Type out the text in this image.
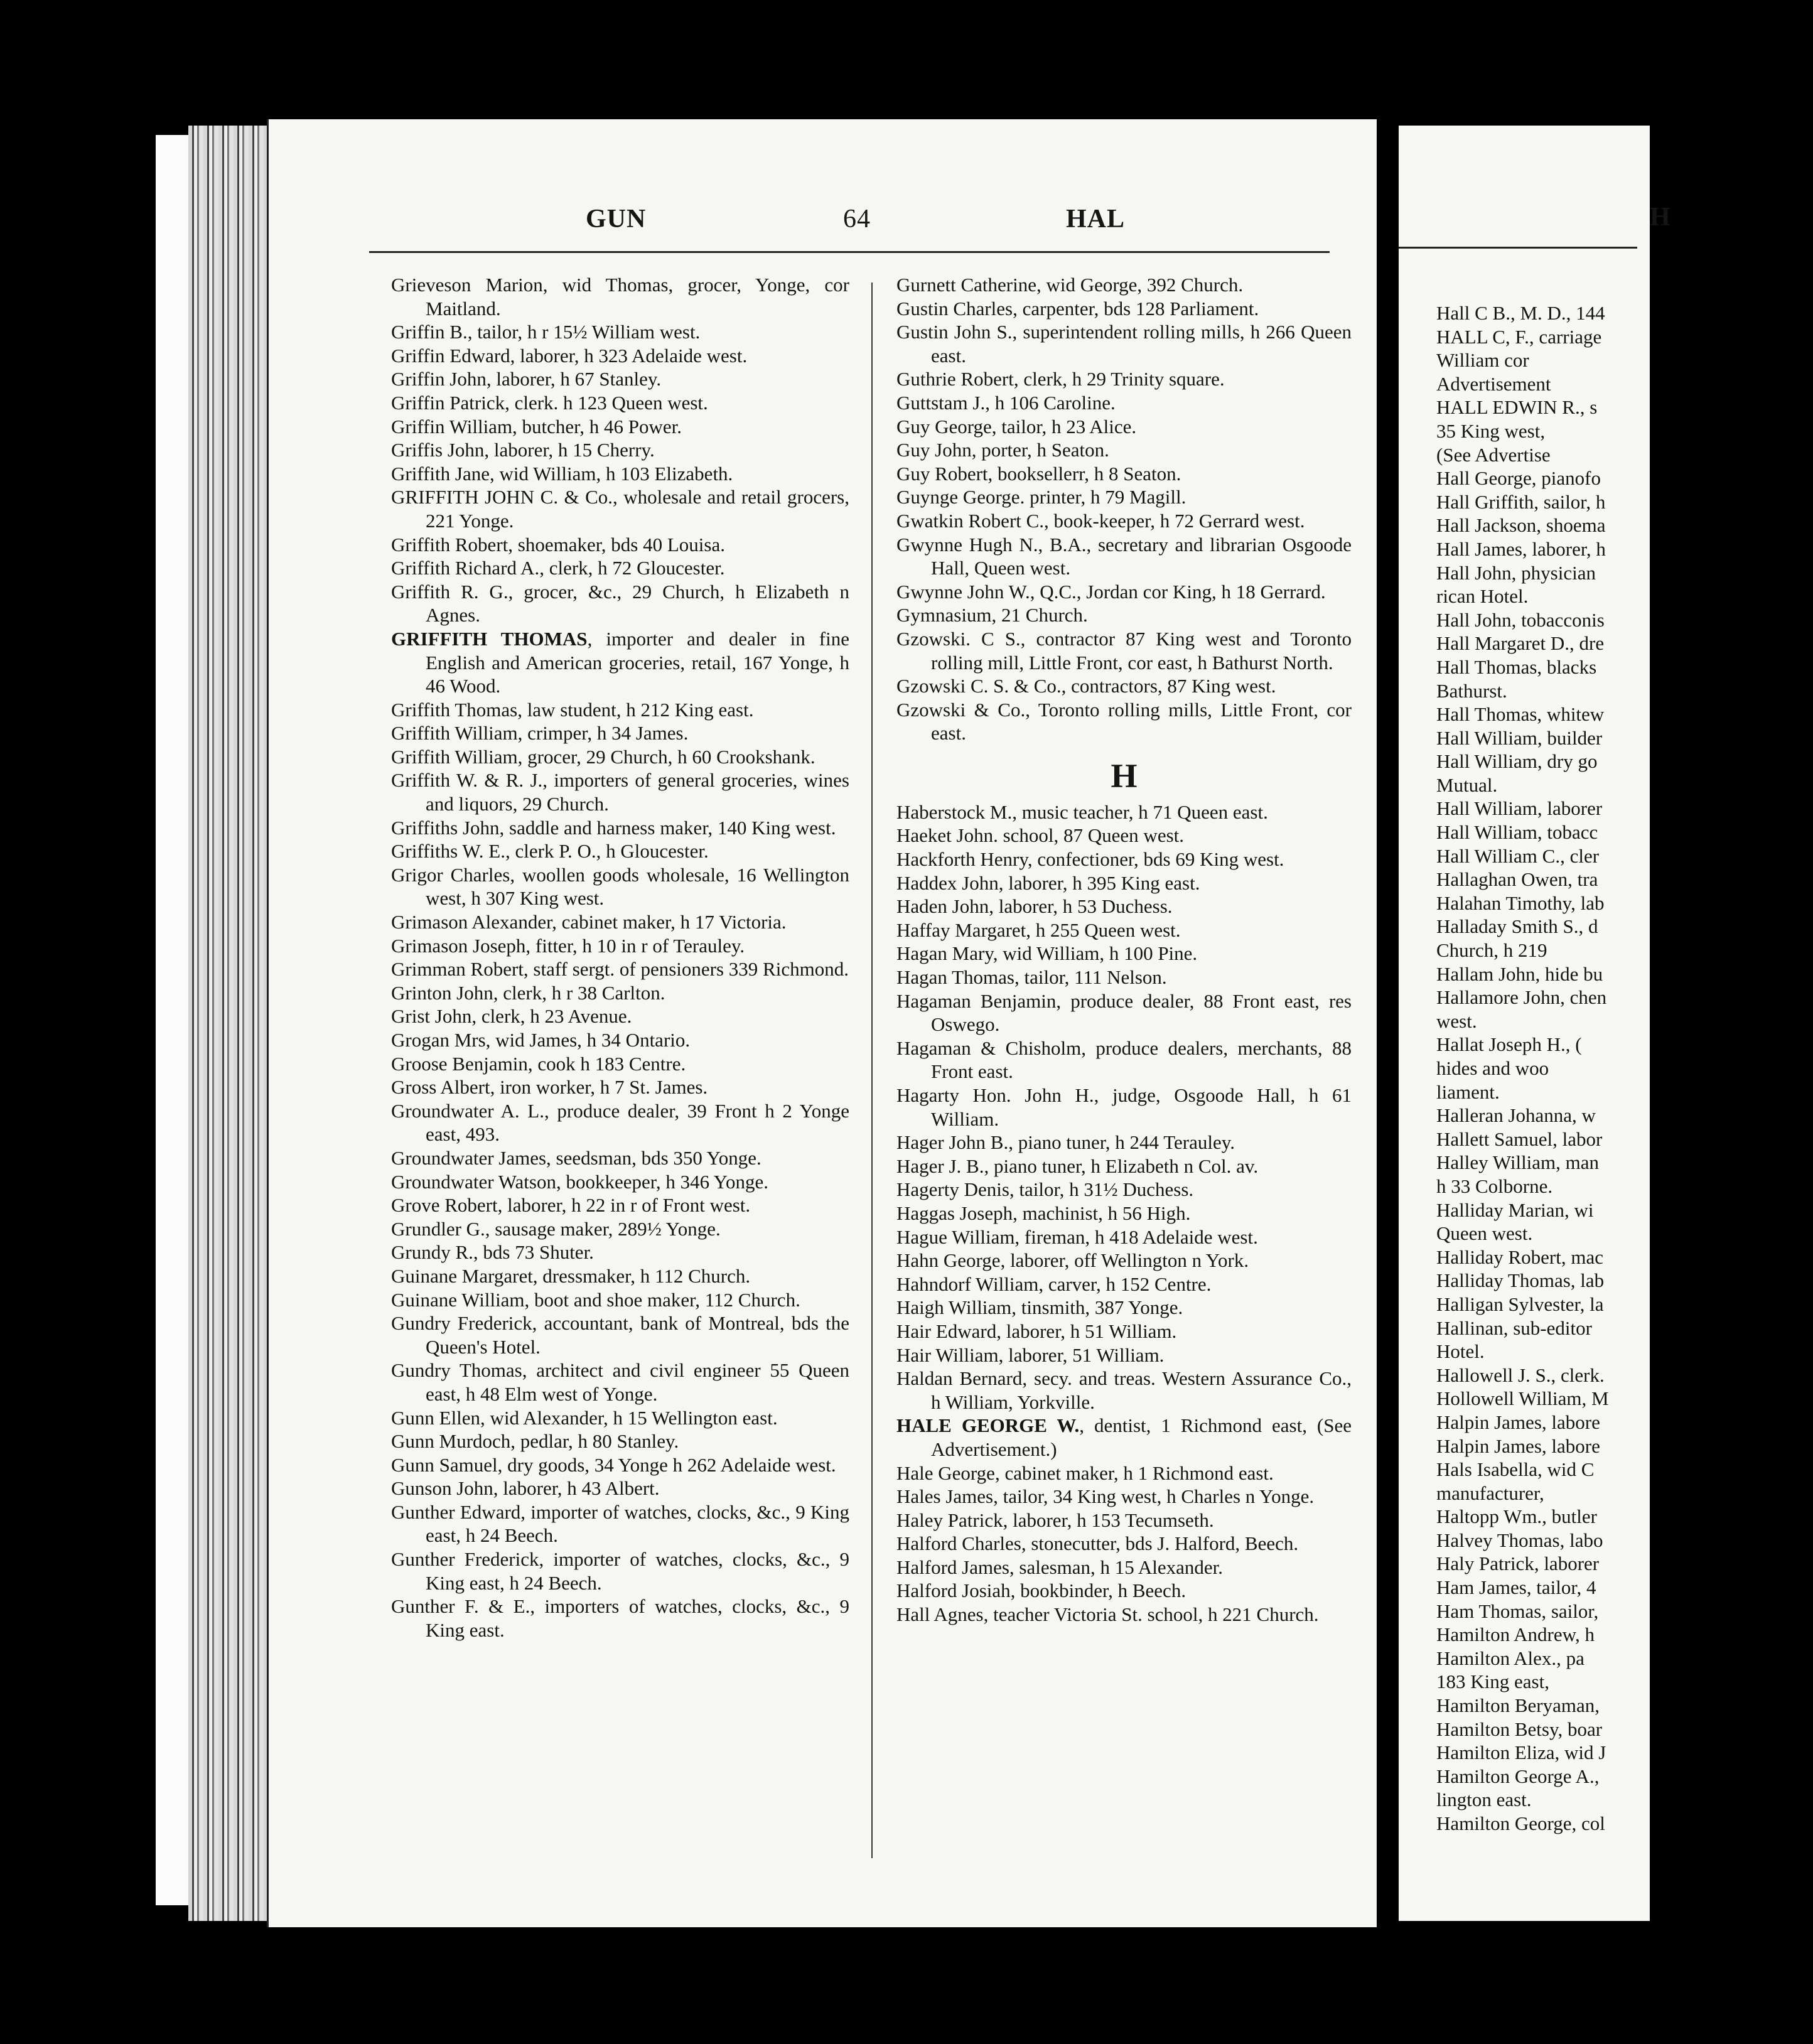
GUN	64	HAL

Grieveson Marion, wid Thomas, grocer, Yonge, cor Maitland.

Griffin B., tailor, h r 15½ William west.

Griffin Edward, laborer, h 323 Adelaide west.

Griffin John, laborer, h 67 Stanley.

Griffin Patrick, clerk. h 123 Queen west.

Griffin William, butcher, h 46 Power.

Griffis John, laborer, h 15 Cherry.

Griffith Jane, wid William, h 103 Elizabeth.

GRIFFITH JOHN C. & Co., wholesale and retail grocers, 221 Yonge.

Griffith Robert, shoemaker, bds 40 Louisa.

Griffith Richard A., clerk, h 72 Gloucester.

Griffith R. G., grocer, &c., 29 Church, h Elizabeth n Agnes.

GRIFFITH THOMAS, importer and dealer in fine English and American groceries, retail, 167 Yonge, h 46 Wood.

Griffith Thomas, law student, h 212 King east.

Griffith William, crimper, h 34 James.

Griffith William, grocer, 29 Church, h 60 Crookshank.

Griffith W. & R. J., importers of general groceries, wines and liquors, 29 Church.

Griffiths John, saddle and harness maker, 140 King west.

Griffiths W. E., clerk P. O., h Gloucester.

Grigor Charles, woollen goods wholesale, 16 Wellington west, h 307 King west.

Grimason Alexander, cabinet maker, h 17 Victoria.

Grimason Joseph, fitter, h 10 in r of Terauley.

Grimman Robert, staff sergt. of pensioners 339 Richmond.

Grinton John, clerk, h r 38 Carlton.

Grist John, clerk, h 23 Avenue.

Grogan Mrs, wid James, h 34 Ontario.

Groose Benjamin, cook h 183 Centre.

Gross Albert, iron worker, h 7 St. James.

Groundwater A. L., produce dealer, 39 Front h 2 Yonge east, 493.

Groundwater James, seedsman, bds 350 Yonge.

Groundwater Watson, bookkeeper, h 346 Yonge.

Grove Robert, laborer, h 22 in r of Front west.

Grundler G., sausage maker, 289½ Yonge.

Grundy R., bds 73 Shuter.

Guinane Margaret, dressmaker, h 112 Church.

Guinane William, boot and shoe maker, 112 Church.

Gundry Frederick, accountant, bank of Montreal, bds the Queen's Hotel.

Gundry Thomas, architect and civil engineer 55 Queen east, h 48 Elm west of Yonge.

Gunn Ellen, wid Alexander, h 15 Wellington east.

Gunn Murdoch, pedlar, h 80 Stanley.

Gunn Samuel, dry goods, 34 Yonge h 262 Adelaide west.

Gunson John, laborer, h 43 Albert.

Gunther Edward, importer of watches, clocks, &c., 9 King east, h 24 Beech.

Gunther Frederick, importer of watches, clocks, &c., 9 King east, h 24 Beech.

Gunther F. & E., importers of watches, clocks, &c., 9 King east.

Gurnett Catherine, wid George, 392 Church.

Gustin Charles, carpenter, bds 128 Parliament.

Gustin John S., superintendent rolling mills, h 266 Queen east.

Guthrie Robert, clerk, h 29 Trinity square.

Guttstam J., h 106 Caroline.

Guy George, tailor, h 23 Alice.

Guy John, porter, h Seaton.

Guy Robert, booksellerr, h 8 Seaton.

Guynge George. printer, h 79 Magill.

Gwatkin Robert C., book-keeper, h 72 Gerrard west.

Gwynne Hugh N., B.A., secretary and librarian Osgoode Hall, Queen west.

Gwynne John W., Q.C., Jordan cor King, h 18 Gerrard.

Gymnasium, 21 Church.

Gzowski. C S., contractor 87 King west and Toronto rolling mill, Little Front, cor east, h Bathurst North.

Gzowski C. S. & Co., contractors, 87 King west.

Gzowski & Co., Toronto rolling mills, Little Front, cor east.

H

Haberstock M., music teacher, h 71 Queen east.

Haeket John. school, 87 Queen west.

Hackforth Henry, confectioner, bds 69 King west.

Haddex John, laborer, h 395 King east.

Haden John, laborer, h 53 Duchess.

Haffay Margaret, h 255 Queen west.

Hagan Mary, wid William, h 100 Pine.

Hagan Thomas, tailor, 111 Nelson.

Hagaman Benjamin, produce dealer, 88 Front east, res Oswego.

Hagaman & Chisholm, produce dealers, merchants, 88 Front east.

Hagarty Hon. John H., judge, Osgoode Hall, h 61 William.

Hager John B., piano tuner, h 244 Terauley.

Hager J. B., piano tuner, h Elizabeth n Col. av.

Hagerty Denis, tailor, h 31½ Duchess.

Haggas Joseph, machinist, h 56 High.

Hague William, fireman, h 418 Adelaide west.

Hahn George, laborer, off Wellington n York.

Hahndorf William, carver, h 152 Centre.

Haigh William, tinsmith, 387 Yonge.

Hair Edward, laborer, h 51 William.

Hair William, laborer, 51 William.

Haldan Bernard, secy. and treas. Western Assurance Co., h William, Yorkville.

HALE GEORGE W., dentist, 1 Richmond east, (See Advertisement.)

Hale George, cabinet maker, h 1 Richmond east.

Hales James, tailor, 34 King west, h Charles n Yonge.

Haley Patrick, laborer, h 153 Tecumseth.

Halford Charles, stonecutter, bds J. Halford, Beech.

Halford James, salesman, h 15 Alexander.

Halford Josiah, bookbinder, h Beech.

Hall Agnes, teacher Victoria St. school, h 221 Church.

H
Hall C B., M. D., 144
HALL C, F., carriage
William cor
Advertisement
HALL EDWIN R., s
35 King west,
(See Advertise
Hall George, pianofo
Hall Griffith, sailor, h
Hall Jackson, shoema
Hall James, laborer, h
Hall John, physician
rican Hotel.
Hall John, tobacconis
Hall Margaret D., dre
Hall Thomas, blacks
Bathurst.
Hall Thomas, whitew
Hall William, builder
Hall William, dry go
Mutual.
Hall William, laborer
Hall William, tobacc
Hall William C., cler
Hallaghan Owen, tra
Halahan Timothy, lab
Halladay Smith S., d
Church, h 219
Hallam John, hide bu
Hallamore John, chen
west.
Hallat Joseph H., (
hides and woo
liament.
Halleran Johanna, w
Hallett Samuel, labor
Halley William, man
h 33 Colborne.
Halliday Marian, wi
Queen west.
Halliday Robert, mac
Halliday Thomas, lab
Halligan Sylvester, la
Hallinan, sub-editor
Hotel.
Hallowell J. S., clerk.
Hollowell William, M
Halpin James, labore
Halpin James, labore
Hals Isabella, wid C
manufacturer,
Haltopp Wm., butler
Halvey Thomas, labo
Haly Patrick, laborer
Ham James, tailor, 4
Ham Thomas, sailor,
Hamilton Andrew, h
Hamilton Alex., pa
183 King east,
Hamilton Beryaman,
Hamilton Betsy, boar
Hamilton Eliza, wid J
Hamilton George A.,
lington east.
Hamilton George, col
